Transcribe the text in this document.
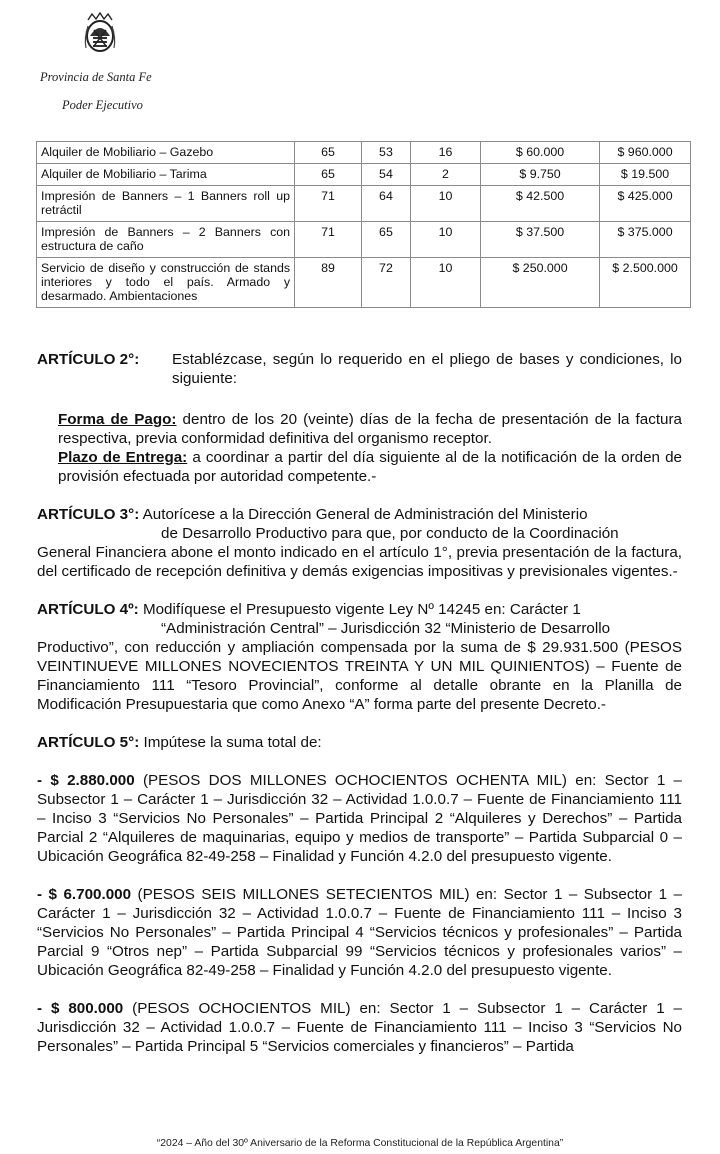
Provincia de Santa Fe
Poder Ejecutivo
Alquiler de Mobiliario – Gazebo	65	53	16	$ 60.000	$ 960.000
Alquiler de Mobiliario – Tarima	65	54	2	$ 9.750	$ 19.500
Impresión de Banners – 1 Banners roll up retráctil	71	64	10	$ 42.500	$ 425.000
Impresión de Banners – 2 Banners con estructura de caño	71	65	10	$ 37.500	$ 375.000
Servicio de diseño y construcción de stands interiores y todo el país. Armado y desarmado. Ambientaciones	89	72	10	$ 250.000	$ 2.500.000
ARTÍCULO 2°:	Establézcase, según lo requerido en el pliego de bases y condiciones, lo siguiente:

Forma de Pago: dentro de los 20 (veinte) días de la fecha de presentación de la factura respectiva, previa conformidad definitiva del organismo receptor.

Plazo de Entrega: a coordinar a partir del día siguiente al de la notificación de la orden de provisión efectuada por autoridad competente.-

ARTÍCULO 3°: Autorícese a la Dirección General de Administración del Ministerio

de Desarrollo Productivo para que, por conducto de la Coordinación

General Financiera abone el monto indicado en el artículo 1°, previa presentación de la factura, del certificado de recepción definitiva y demás exigencias impositivas y previsionales vigentes.-

ARTÍCULO 4º: Modifíquese el Presupuesto vigente Ley Nº 14245 en: Carácter 1

“Administración Central” – Jurisdicción 32 “Ministerio de Desarrollo

Productivo”, con reducción y ampliación compensada por la suma de $ 29.931.500 (PESOS VEINTINUEVE MILLONES NOVECIENTOS TREINTA Y UN MIL QUINIENTOS) – Fuente de Financiamiento 111 “Tesoro Provincial”, conforme al detalle obrante en la Planilla de Modificación Presupuestaria que como Anexo “A” forma parte del presente Decreto.-

ARTÍCULO 5°: Impútese la suma total de:

- $ 2.880.000 (PESOS DOS MILLONES OCHOCIENTOS OCHENTA MIL) en: Sector 1 – Subsector 1 – Carácter 1 – Jurisdicción 32 – Actividad 1.0.0.7 – Fuente de Financiamiento 111 – Inciso 3 “Servicios No Personales” – Partida Principal 2 “Alquileres y Derechos” – Partida Parcial 2 “Alquileres de maquinarias, equipo y medios de transporte” – Partida Subparcial 0 – Ubicación Geográfica 82-49-258 – Finalidad y Función 4.2.0 del presupuesto vigente.

- $ 6.700.000 (PESOS SEIS MILLONES SETECIENTOS MIL) en: Sector 1 – Subsector 1 – Carácter 1 – Jurisdicción 32 – Actividad 1.0.0.7 – Fuente de Financiamiento 111 – Inciso 3 “Servicios No Personales” – Partida Principal 4 “Servicios técnicos y profesionales” – Partida Parcial 9 “Otros nep” – Partida Subparcial 99 “Servicios técnicos y profesionales varios” – Ubicación Geográfica 82-49-258 – Finalidad y Función 4.2.0 del presupuesto vigente.

- $ 800.000 (PESOS OCHOCIENTOS MIL) en: Sector 1 – Subsector 1 – Carácter 1 – Jurisdicción 32 – Actividad 1.0.0.7 – Fuente de Financiamiento 111 – Inciso 3 “Servicios No Personales” – Partida Principal 5 “Servicios comerciales y financieros” – Partida

“2024 – Año del 30º Aniversario de la Reforma Constitucional de la República Argentina”
